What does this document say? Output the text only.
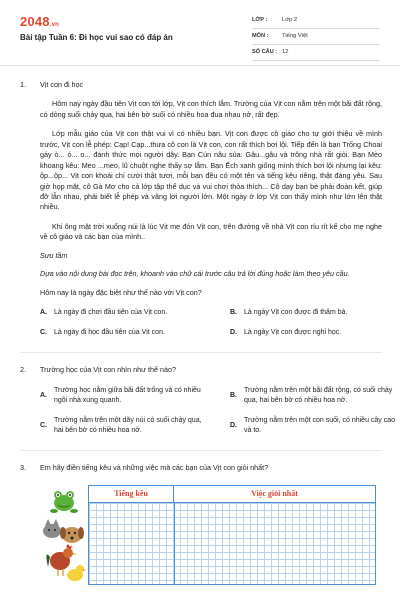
2048.vn
Bài tập Tuần 6: Đi học vui sao có đáp án
LỚP :	Lớp 2
MÔN :	Tiếng Việt
SỐ CÂU : 12
1.	Vịt con đi học

Hôm nay ngày đầu tiên Vịt con tới lớp, Vịt con thích lắm. Trường của Vịt con nằm trên một bãi đất rộng, có dòng suối chảy qua, hai bên bờ suối có nhiều hoa đua nhau nở, rất đẹp.

Lớp mẫu giáo của Vịt con thật vui vì có nhiều bạn. Vịt con được cô giáo cho tự giới thiệu về mình trước, Vịt con lễ phép: Cạp! Cạp...thưa cô con là Vịt con, con rất thích bơi lội. Tiếp đến là bạn Trống Choai gáy ò... ó... o... đánh thức mọi người dậy. Bạn Cún nâu sủa: Gâu...gâu và trông nhà rất giỏi. Bạn Mèo khoang kêu: Meo ...meo, lũ chuột nghe thấy sợ lắm. Bạn Ếch xanh giống mình thích bơi lội nhưng lại kêu: ộp...ộp... Vịt con khoái chí cười thật tươi, mỗi bạn đều có một tên và tiếng kêu riêng, thật đáng yêu. Sau giờ họp mặt, cô Gà Mơ cho cả lớp tập thể dục và vui chơi thỏa thích... Cô dạy bạn bè phải đoàn kết, giúp đỡ lẫn nhau, phải biết lễ phép và vâng lời người lớn. Một ngày ở lớp Vịt con thấy mình như lớn lên thật nhiều.

Khi ông mặt trời xuống núi là lúc Vịt mẹ đón Vịt con, trên đường về nhà Vịt con ríu rít kể cho mẹ nghe về cô giáo và các bạn của mình..

Sưu tầm

Dựa vào nội dung bài đọc trên, khoanh vào chữ cái trước câu trả lời đúng hoặc làm theo yêu cầu.

Hôm nay là ngày đặc biệt như thế nào với Vịt con?

A.	Là ngày đi chơi đầu tiên của Vịt con.	B.	Là ngày Vịt con được đi thăm bà.
C.	Là ngày đi học đầu tiên của Vịt con.	D.	Là ngày Vịt con được nghỉ học.
2.	Trường học của Vịt con nhìn như thế nào?
A.
Trường học nằm giữa bãi đất trống và có nhiều ngôi nhà xung quanh.
B.
Trường nằm trên một bãi đất rộng, có suối chảy qua, hai bên bờ có nhiều hoa nở.
C.
Trường nằm trên một dãy núi có suối chảy qua, hai bên bờ có nhiều hoa nở.
D.
Trường nằm trên một con suối, có nhiều cây cao và to.
3.	Em hãy điền tiếng kêu và những việc mà các bạn của Vịt con giỏi nhất?
Tiếng kêu	Việc giỏi nhất
